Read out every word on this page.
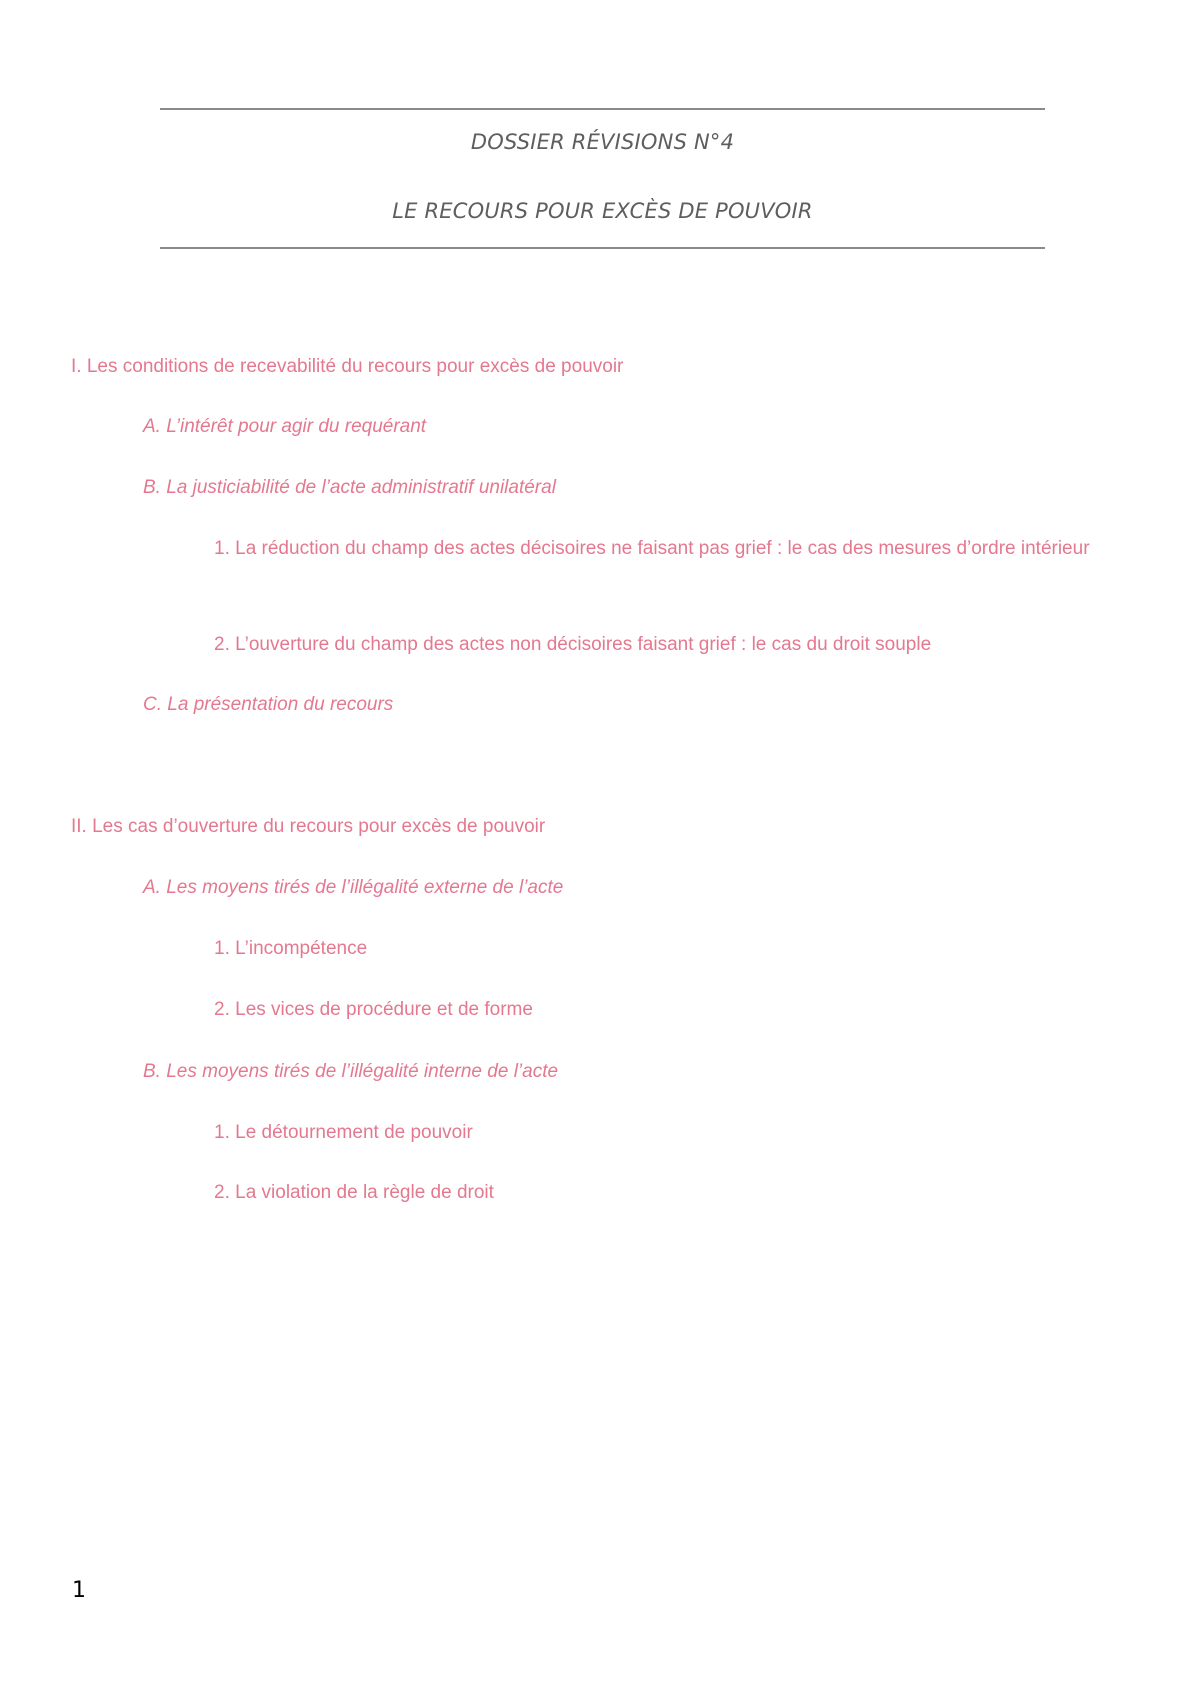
DOSSIER RÉVISIONS N°4
LE RECOURS POUR EXCÈS DE POUVOIR
I. Les conditions de recevabilité du recours pour excès de pouvoir
A. L’intérêt pour agir du requérant
B. La justiciabilité de l’acte administratif unilatéral
1. La réduction du champ des actes décisoires ne faisant pas grief : le cas des mesures d’ordre intérieur
2. L’ouverture du champ des actes non décisoires faisant grief : le cas du droit souple
C. La présentation du recours
II. Les cas d’ouverture du recours pour excès de pouvoir
A. Les moyens tirés de l’illégalité externe de l’acte
1. L’incompétence
2. Les vices de procédure et de forme
B. Les moyens tirés de l’illégalité interne de l’acte
1. Le détournement de pouvoir
2. La violation de la règle de droit
1
